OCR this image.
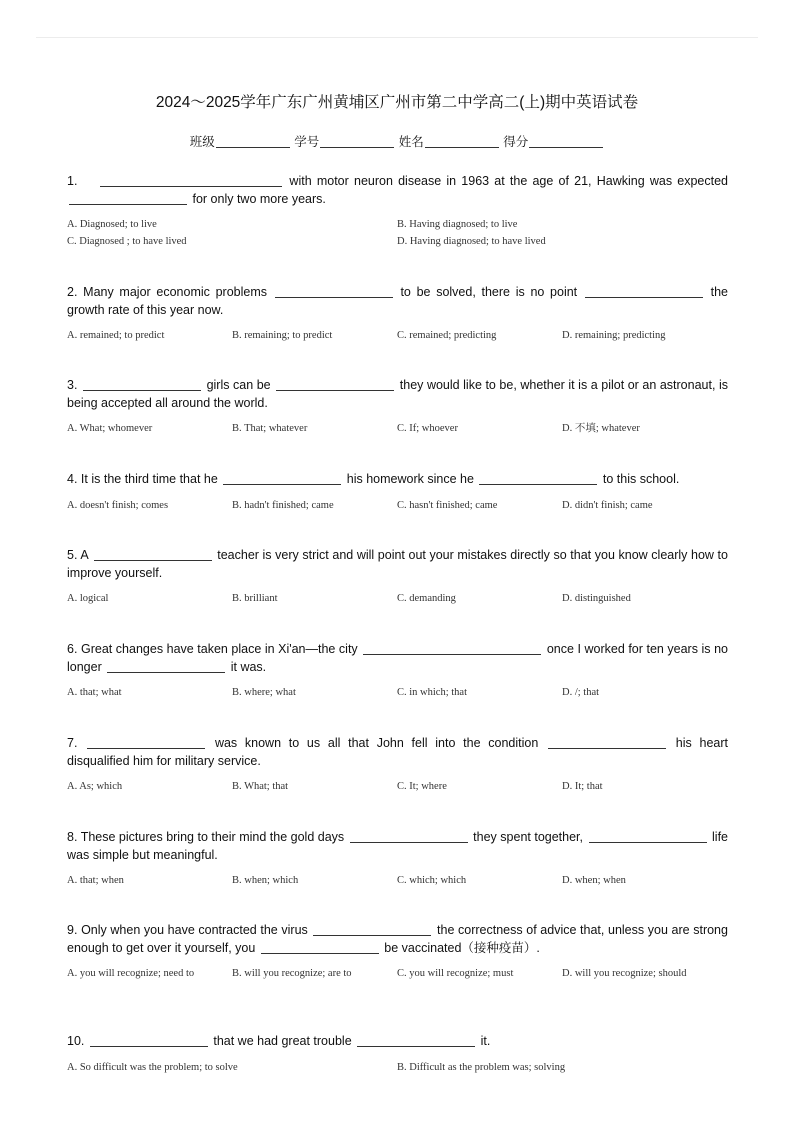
2024～2025学年广东广州黄埔区广州市第二中学高二(上)期中英语试卷
班级	学号	姓名	得分
1.	with motor neuron disease in 1963 at the age of 21, Hawking was expected  for only two more years.
A. Diagnosed; to live	B. Having diagnosed; to live
C. Diagnosed ; to have lived	D. Having diagnosed; to have lived
2. Many major economic problems	to be solved, there is no point	the growth rate of this year now.
A. remained; to predict	B. remaining; to predict	C. remained; predicting	D. remaining; predicting
3.	girls can be	they would like to be, whether it is a pilot or an astronaut, is being accepted all around the world.
A. What; whomever	B. That; whatever	C. If; whoever	D. 不填; whatever
4. It is the third time that he	his homework since he	to this school.
A. doesn't finish; comes	B. hadn't finished; came	C. hasn't finished; came	D. didn't finish; came
5. A	teacher is very strict and will point out your mistakes directly so that you know clearly how to improve yourself.
A. logical	B. brilliant	C. demanding	D. distinguished
6. Great changes have taken place in Xi'an—the city	once I worked for ten years is no longer	it was.
A. that; what	B. where; what	C. in which; that	D. /; that
7.	was known to us all that John fell into the condition	his heart disqualified him for military service.
A. As; which	B. What; that	C. It; where	D. It; that
8. These pictures bring to their mind the gold days	they spent together,	life was simple but meaningful.
A. that; when	B. when; which	C. which; which	D. when; when
9. Only when you have contracted the virus	the correctness of advice that, unless you are strong enough to get over it yourself, you	be vaccinated（接种疫苗）.
A. you will recognize; need to	B. will you recognize; are to	C. you will recognize; must	D. will you recognize; should
10.	that we had great trouble	it.
A. So difficult was the problem; to solve	B. Difficult as the problem was; solving
